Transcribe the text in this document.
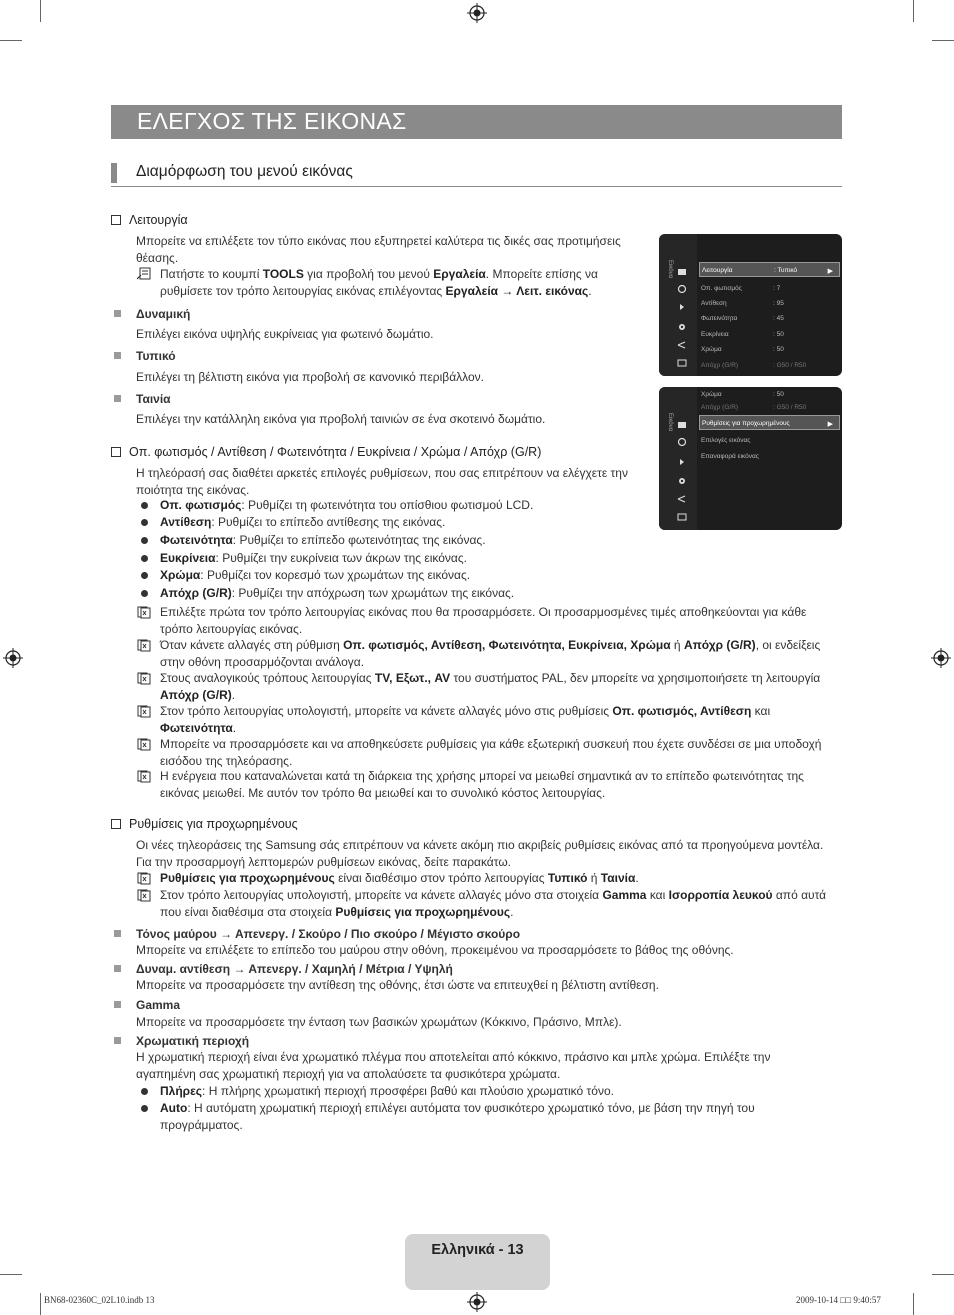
ΕΛΕΓΧΟΣ ΤΗΣ ΕΙΚΟΝΑΣ
Διαμόρφωση του μενού εικόνας
Λειτουργία
Μπορείτε να επιλέξετε τον τύπο εικόνας που εξυπηρετεί καλύτερα τις δικές σας προτιμήσεις
θέασης.
Πατήστε το κουμπί TOOLS για προβολή του μενού Εργαλεία. Μπορείτε επίσης να
ρυθμίσετε τον τρόπο λειτουργίας εικόνας επιλέγοντας Εργαλεία → Λειτ. εικόνας.
Δυναμική
Επιλέγει εικόνα υψηλής ευκρίνειας για φωτεινό δωμάτιο.
Τυπικό
Επιλέγει τη βέλτιστη εικόνα για προβολή σε κανονικό περιβάλλον.
Ταινία
Επιλέγει την κατάλληλη εικόνα για προβολή ταινιών σε ένα σκοτεινό δωμάτιο.
Εικόνα	Λειτουργία	: Τυπικό	▶
Οπ. φωτισμός	: 7
Αντίθεση	: 95
Φωτεινότητα	: 45
Ευκρίνεια	: 50
Χρώμα	: 50
Απόχρ (G/R)	: G50 / R50
Εικόνα
Χρώμα	: 50
Απόχρ (G/R)	: G50 / R50
Ρυθμίσεις για προχωρημένους	▶
Επιλογές εικόνας
Επαναφορά εικόνας
Οπ. φωτισμός / Αντίθεση / Φωτεινότητα / Ευκρίνεια / Χρώμα / Απόχρ (G/R)
Η τηλεόρασή σας διαθέτει αρκετές επιλογές ρυθμίσεων, που σας επιτρέπουν να ελέγχετε την
ποιότητα της εικόνας.
Οπ. φωτισμός: Ρυθμίζει τη φωτεινότητα του οπίσθιου φωτισμού LCD.
Αντίθεση: Ρυθμίζει το επίπεδο αντίθεσης της εικόνας.
Φωτεινότητα: Ρυθμίζει το επίπεδο φωτεινότητας της εικόνας.
Ευκρίνεια: Ρυθμίζει την ευκρίνεια των άκρων της εικόνας.
Χρώμα: Ρυθμίζει τον κορεσμό των χρωμάτων της εικόνας.
Απόχρ (G/R): Ρυθμίζει την απόχρωση των χρωμάτων της εικόνας.
Επιλέξτε πρώτα τον τρόπο λειτουργίας εικόνας που θα προσαρμόσετε. Οι προσαρμοσμένες τιμές αποθηκεύονται για κάθε
τρόπο λειτουργίας εικόνας.
Όταν κάνετε αλλαγές στη ρύθμιση Οπ. φωτισμός, Αντίθεση, Φωτεινότητα, Ευκρίνεια, Χρώμα ή Απόχρ (G/R), οι ενδείξεις
στην οθόνη προσαρμόζονται ανάλογα.
Στους αναλογικούς τρόπους λειτουργίας TV, Εξωτ., AV του συστήματος PAL, δεν μπορείτε να χρησιμοποιήσετε τη λειτουργία
Απόχρ (G/R).
Στον τρόπο λειτουργίας υπολογιστή, μπορείτε να κάνετε αλλαγές μόνο στις ρυθμίσεις Οπ. φωτισμός, Αντίθεση και
Φωτεινότητα.
Μπορείτε να προσαρμόσετε και να αποθηκεύσετε ρυθμίσεις για κάθε εξωτερική συσκευή που έχετε συνδέσει σε μια υποδοχή
εισόδου της τηλεόρασης.
Η ενέργεια που καταναλώνεται κατά τη διάρκεια της χρήσης μπορεί να μειωθεί σημαντικά αν το επίπεδο φωτεινότητας της
εικόνας μειωθεί. Με αυτόν τον τρόπο θα μειωθεί και το συνολικό κόστος λειτουργίας.
Ρυθμίσεις για προχωρημένους
Οι νέες τηλεοράσεις της Samsung σάς επιτρέπουν να κάνετε ακόμη πιο ακριβείς ρυθμίσεις εικόνας από τα προηγούμενα μοντέλα.
Για την προσαρμογή λεπτομερών ρυθμίσεων εικόνας, δείτε παρακάτω.
Ρυθμίσεις για προχωρημένους είναι διαθέσιμο στον τρόπο λειτουργίας Τυπικό ή Ταινία.
Στον τρόπο λειτουργίας υπολογιστή, μπορείτε να κάνετε αλλαγές μόνο στα στοιχεία Gamma και Ισορροπία λευκού από αυτά
που είναι διαθέσιμα στα στοιχεία Ρυθμίσεις για προχωρημένους.
Τόνος μαύρου → Απενεργ. / Σκούρο / Πιο σκούρο / Μέγιστο σκούρο
Μπορείτε να επιλέξετε το επίπεδο του μαύρου στην οθόνη, προκειμένου να προσαρμόσετε το βάθος της οθόνης.
Δυναμ. αντίθεση → Απενεργ. / Χαμηλή / Μέτρια / Υψηλή
Μπορείτε να προσαρμόσετε την αντίθεση της οθόνης, έτσι ώστε να επιτευχθεί η βέλτιστη αντίθεση.
Gamma
Μπορείτε να προσαρμόσετε την ένταση των βασικών χρωμάτων (Κόκκινο, Πράσινο, Μπλε).
Χρωματική περιοχή
Η χρωματική περιοχή είναι ένα χρωματικό πλέγμα που αποτελείται από κόκκινο, πράσινο και μπλε χρώμα. Επιλέξτε την
αγαπημένη σας χρωματική περιοχή για να απολαύσετε τα φυσικότερα χρώματα.
Πλήρες: Η πλήρης χρωματική περιοχή προσφέρει βαθύ και πλούσιο χρωματικό τόνο.
Auto: Η αυτόματη χρωματική περιοχή επιλέγει αυτόματα τον φυσικότερο χρωματικό τόνο, με βάση την πηγή του
προγράμματος.
Ελληνικά - 13
BN68-02360C_02L10.indb 13	2009-10-14 □□ 9:40:57
